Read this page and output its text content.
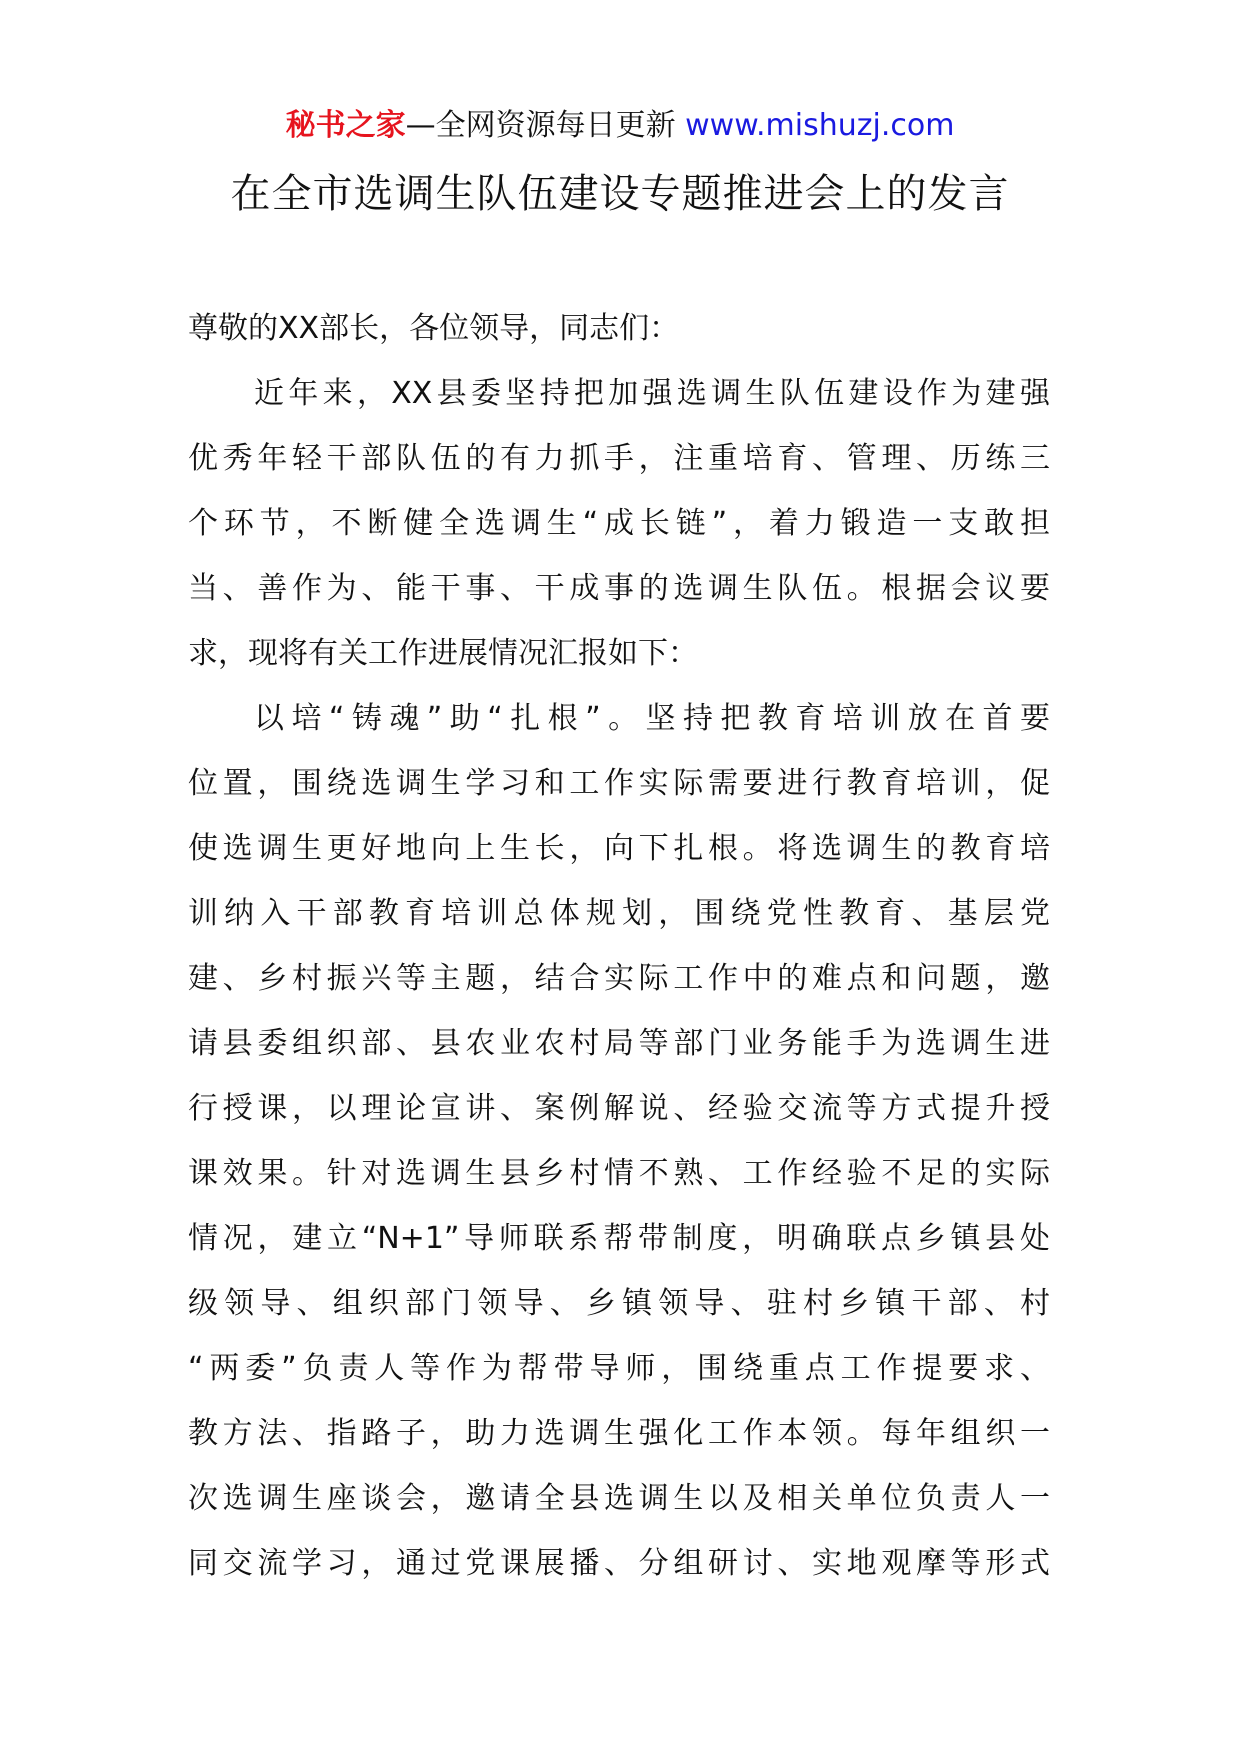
秘书之家—全网资源每日更新 www.mishuzj.com
在全市选调生队伍建设专题推进会上的发言
尊敬的XX部长，各位领导，同志们：
近年来，XX县委坚持把加强选调生队伍建设作为建强
优秀年轻干部队伍的有力抓手，注重培育、管理、历练三
个环节，不断健全选调生“成长链”，着力锻造一支敢担
当、善作为、能干事、干成事的选调生队伍。根据会议要
求，现将有关工作进展情况汇报如下：
以培“铸魂”助“扎根”。坚持把教育培训放在首要
位置，围绕选调生学习和工作实际需要进行教育培训，促
使选调生更好地向上生长，向下扎根。将选调生的教育培
训纳入干部教育培训总体规划，围绕党性教育、基层党
建、乡村振兴等主题，结合实际工作中的难点和问题，邀
请县委组织部、县农业农村局等部门业务能手为选调生进
行授课，以理论宣讲、案例解说、经验交流等方式提升授
课效果。针对选调生县乡村情不熟、工作经验不足的实际
情况，建立“N+1”导师联系帮带制度，明确联点乡镇县处
级领导、组织部门领导、乡镇领导、驻村乡镇干部、村
“两委”负责人等作为帮带导师，围绕重点工作提要求、
教方法、指路子，助力选调生强化工作本领。每年组织一
次选调生座谈会，邀请全县选调生以及相关单位负责人一
同交流学习，通过党课展播、分组研讨、实地观摩等形式
